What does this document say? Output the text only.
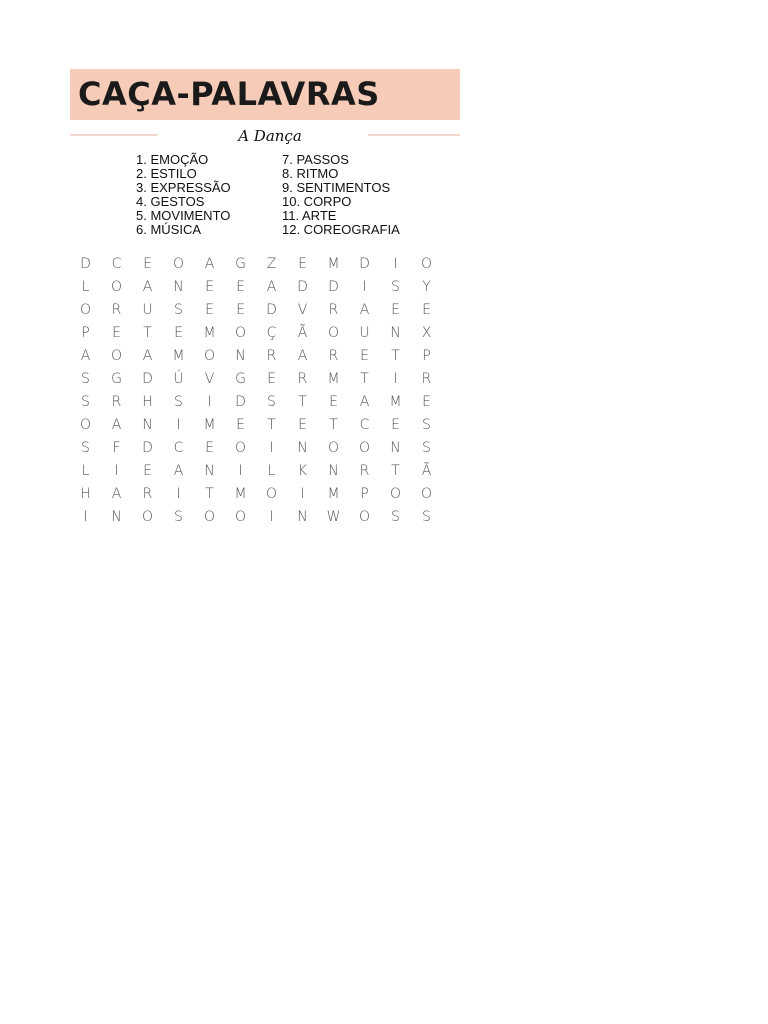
CAÇA-PALAVRAS
A Dança
1. EMOÇÃO
2. ESTILO
3. EXPRESSÃO
4. GESTOS
5. MOVIMENTO
6. MÚSICA
7. PASSOS
8. RITMO
9. SENTIMENTOS
10. CORPO
11. ARTE
12. COREOGRAFIA
D	C	E	O	A	G	Z	E	M	D	I	O
L	O	A	N	E	E	A	D	D	I	S	Y
O	R	U	S	E	E	D	V	R	A	E	E
P	E	T	E	M	O	Ç	Ã	O	U	N	X
A	O	A	M	O	N	R	A	R	E	T	P
S	G	D	Ú	V	G	E	R	M	T	I	R
S	R	H	S	I	D	S	T	E	A	M	E
O	A	N	I	M	E	T	E	T	C	E	S
S	F	D	C	E	O	I	N	O	O	N	S
L	I	E	A	N	I	L	K	N	R	T	Ã
H	A	R	I	T	M	O	I	M	P	O	O
I	N	O	S	O	O	I	N	W	O	S	S
